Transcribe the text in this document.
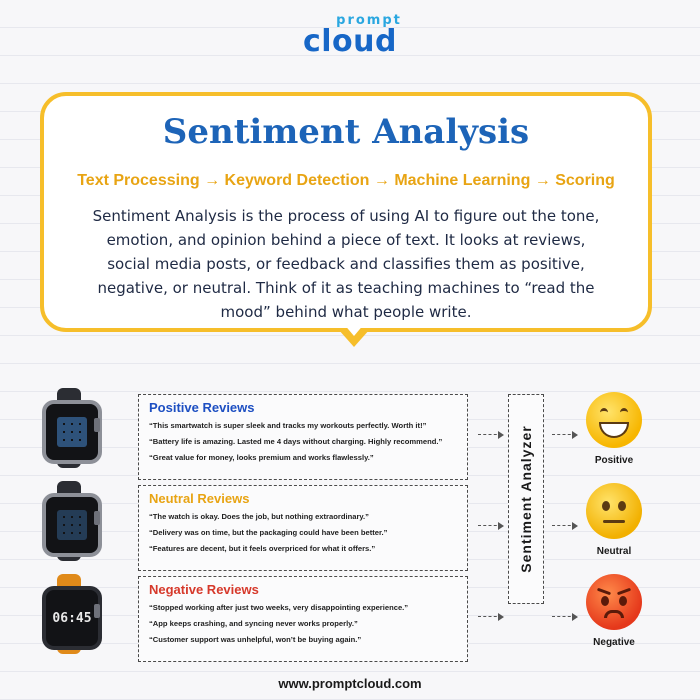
prompt
cloud
Sentiment Analysis
Text Processing → Keyword Detection → Machine Learning → Scoring
Sentiment Analysis is the process of using AI to figure out the tone, emotion, and opinion behind a piece of text. It looks at reviews, social media posts, or feedback and classifies them as positive, negative, or neutral. Think of it as teaching machines to “read the mood” behind what people write.
06:45
Positive Reviews
“This smartwatch is super sleek and tracks my workouts perfectly. Worth it!”
“Battery life is amazing. Lasted me 4 days without charging. Highly recommend.”
“Great value for money, looks premium and works flawlessly.”
Neutral Reviews
“The watch is okay. Does the job, but nothing extraordinary.”
“Delivery was on time, but the packaging could have been better.”
“Features are decent, but it feels overpriced for what it offers.”
Negative Reviews
“Stopped working after just two weeks, very disappointing experience.”
“App keeps crashing, and syncing never works properly.”
“Customer support was unhelpful, won’t be buying again.”
Sentiment Analyzer	Positive
Neutral
Negative
www.promptcloud.com
